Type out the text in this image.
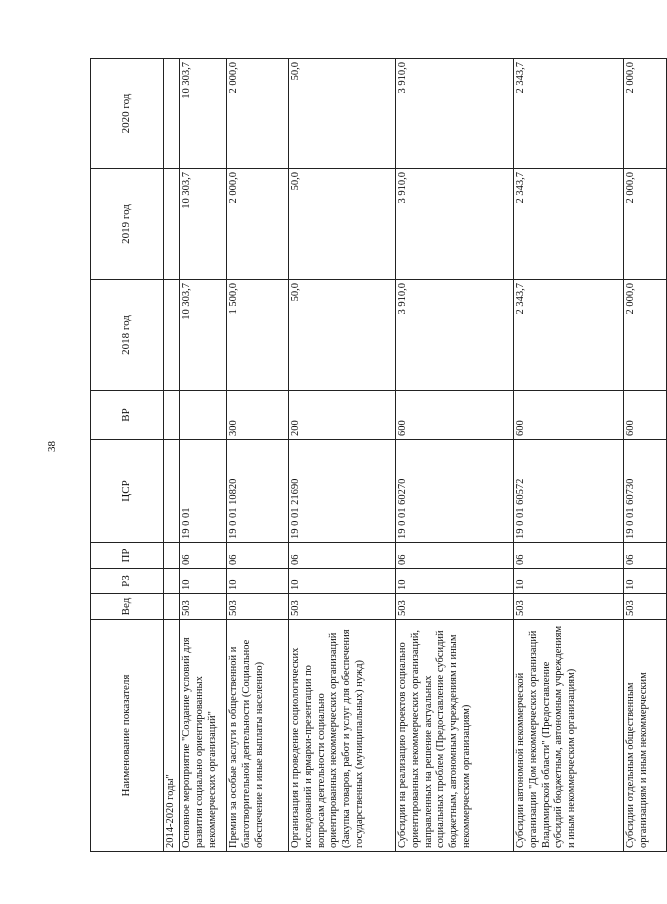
38
Наименование показателя	Вед	РЗ	ПР	ЦСР	ВР	2018 год	2019 год	2020 год
2014-2020 годы"								
Основное мероприятие "Создание условий для развития социально ориентированных некоммерческих организаций"	503	10	06	19 0 01		10 303,7	10 303,7	10 303,7
Премии за особые заслуги в общественной и благотворительной деятельности (Социальное обеспечение и иные выплаты населению)	503	10	06	19 0 01 10820	300	1 500,0	2 000,0	2 000,0
Организация и проведение социологических исследований и ярмарки-презентации по вопросам деятельности социально ориентированных некоммерческих организаций (Закупка товаров, работ и услуг для обеспечения государственных (муниципальных) нужд)	503	10	06	19 0 01 21690	200	50,0	50,0	50,0
Субсидии на реализацию проектов социально ориентированных некоммерческих организаций, направленных на решение актуальных социальных проблем (Предоставление субсидий бюджетным, автономным учреждениям и иным некоммерческим организациям)	503	10	06	19 0 01 60270	600	3 910,0	3 910,0	3 910,0
Субсидии автономной некоммерческой организации "Дом некоммерческих организаций Владимирской области" (Предоставление субсидий бюджетным, автономным учреждениям и иным некоммерческим организациям)	503	10	06	19 0 01 60572	600	2 343,7	2 343,7	2 343,7
Субсидии отдельным общественным организациям и иным некоммерческим	503	10	06	19 0 01 60730	600	2 000,0	2 000,0	2 000,0
